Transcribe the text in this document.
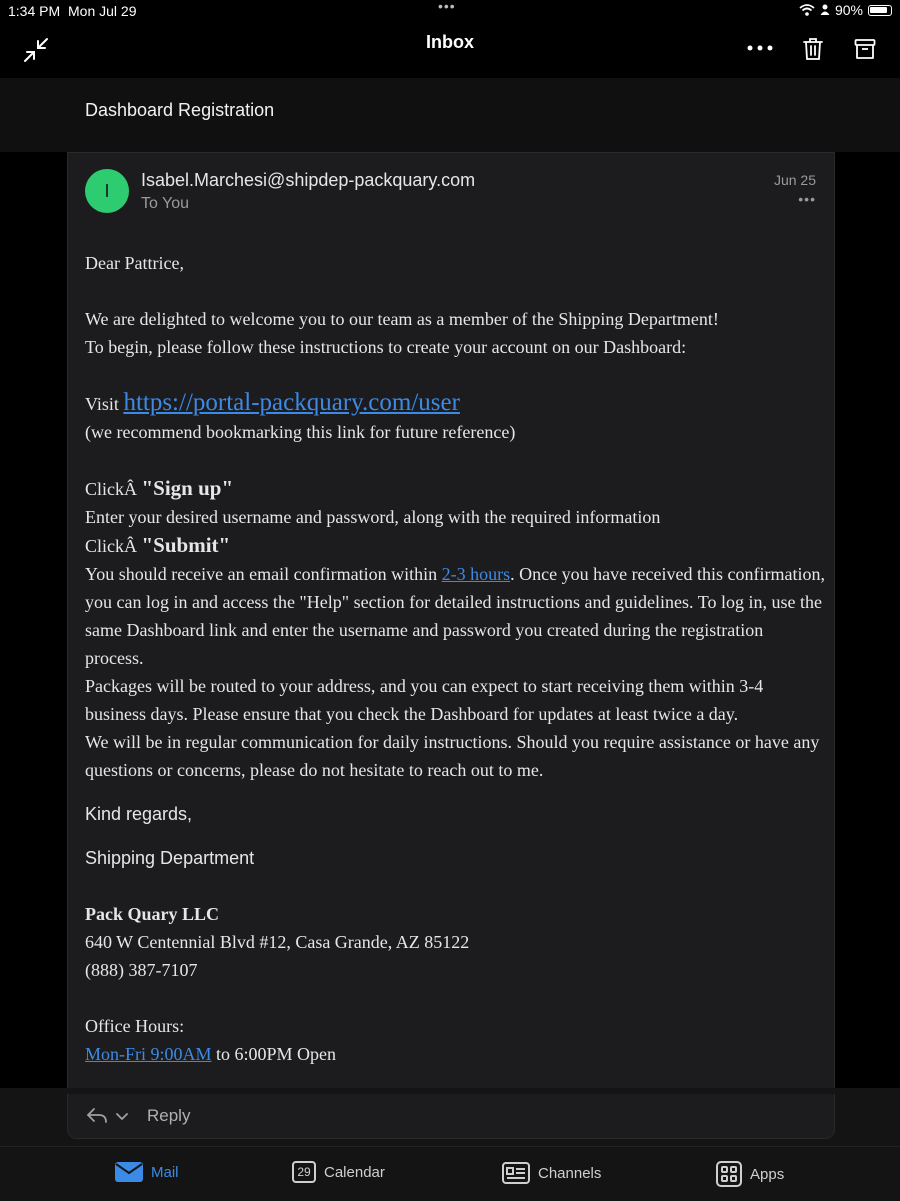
1:34 PM Mon Jul 29	•••	90%
Inbox
Dashboard Registration
I
Isabel.Marchesi@shipdep-packquary.com
To You
Jun 25
•••

Dear Pattrice,

We are delighted to welcome you to our team as a member of the Shipping Department!

To begin, please follow these instructions to create your account on our Dashboard:

Visit https://portal-packquary.com/user

(we recommend bookmarking this link for future reference)

ClickÂ "Sign up"

Enter your desired username and password, along with the required information

ClickÂ "Submit"

You should receive an email confirmation within 2-3 hours. Once you have received this confirmation, you can log in and access the "Help" section for detailed instructions and guidelines. To log in, use the same Dashboard link and enter the username and password you created during the registration process.

Packages will be routed to your address, and you can expect to start receiving them within 3-4 business days. Please ensure that you check the Dashboard for updates at least twice a day.

We will be in regular communication for daily instructions. Should you require assistance or have any questions or concerns, please do not hesitate to reach out to me.

Kind regards,

Shipping Department

Pack Quary LLC

640 W Centennial Blvd #12, Casa Grande, AZ 85122

(888) 387-7107

Office Hours:

Mon-Fri 9:00AM to 6:00PM Open

Reply
Mail	29 Calendar	Channels	Apps
